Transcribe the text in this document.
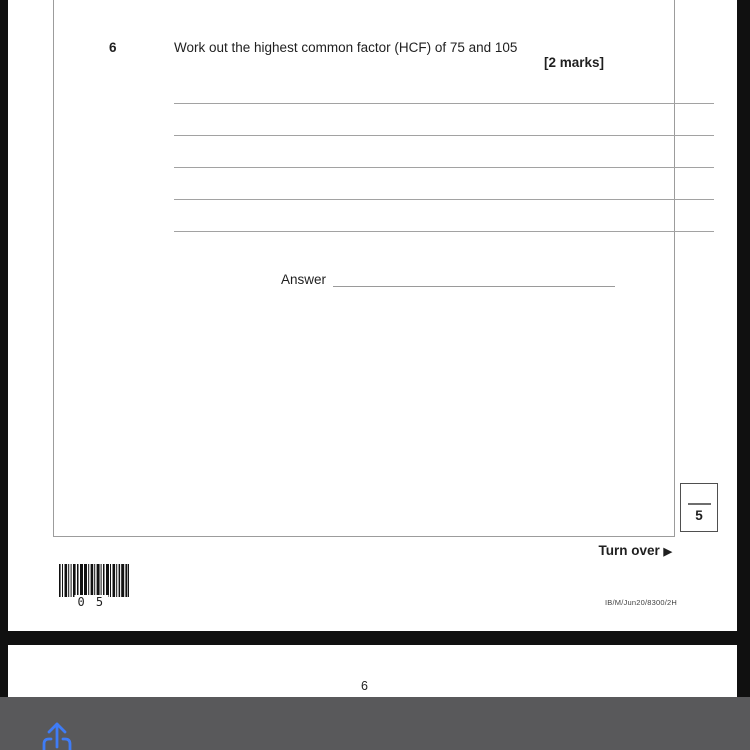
6	Work out the highest common factor (HCF) of 75 and 105
[2 marks]
Answer
5
Turn over ▶
0 5	IB/M/Jun20/8300/2H
6
